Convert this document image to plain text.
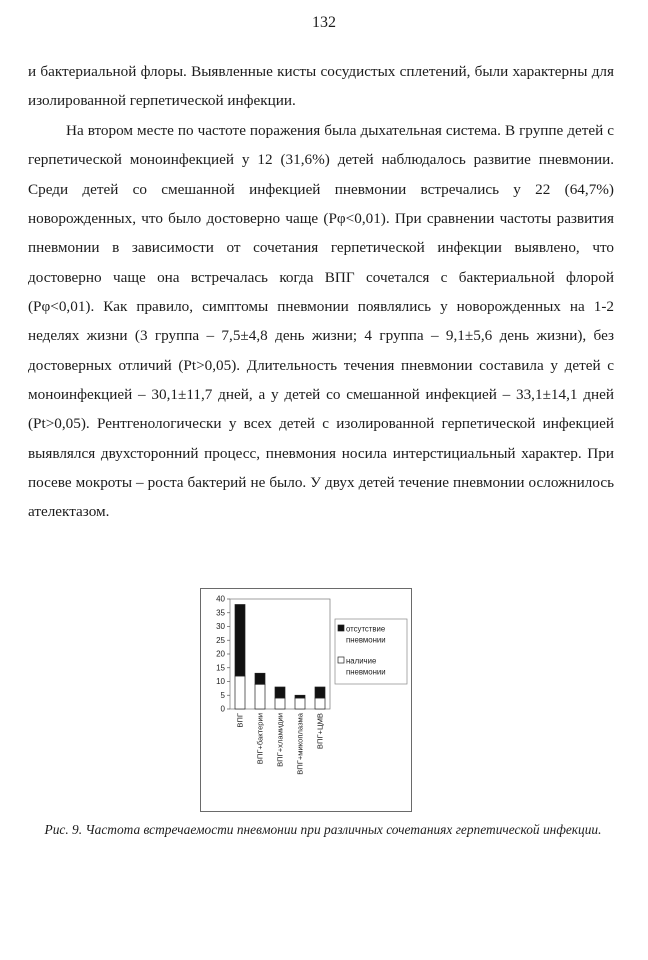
132
и бактериальной флоры. Выявленные кисты сосудистых сплетений, были характерны для изолированной герпетической инфекции.
На втором месте по частоте поражения была дыхательная система. В группе детей с герпетической моноинфекцией у 12 (31,6%) детей наблюдалось развитие пневмонии. Среди детей со смешанной инфекцией пневмонии встречались у 22 (64,7%) новорожденных, что было достоверно чаще (Рφ<0,01). При сравнении частоты развития пневмонии в зависимости от сочетания герпетической инфекции выявлено, что достоверно чаще она встречалась когда ВПГ сочетался с бактериальной флорой (Рφ<0,01). Как правило, симптомы пневмонии появлялись у новорожденных на 1-2 неделях жизни (3 группа – 7,5±4,8 день жизни; 4 группа – 9,1±5,6 день жизни), без достоверных отличий (Рt>0,05). Длительность течения пневмонии составила у детей с моноинфекцией – 30,1±11,7 дней, а у детей со смешанной инфекцией – 33,1±14,1 дней (Рt>0,05). Рентгенологически у всех детей с изолированной герпетической инфекцией выявлялся двухсторонний процесс, пневмония носила интерстициальный характер. При посеве мокроты – роста бактерий не было. У двух детей течение пневмонии осложнилось ателектазом.
40
35
30
25
20
15
10
5
0
ВПГ ВПГ+бактерии ВПГ+хламидии ВПГ+микоплазма ВПГ+ЦМВ
отсутствие
пневмонии
наличие
пневмонии
Рис. 9. Частота встречаемости пневмонии при различных сочетаниях герпетической инфекции.
